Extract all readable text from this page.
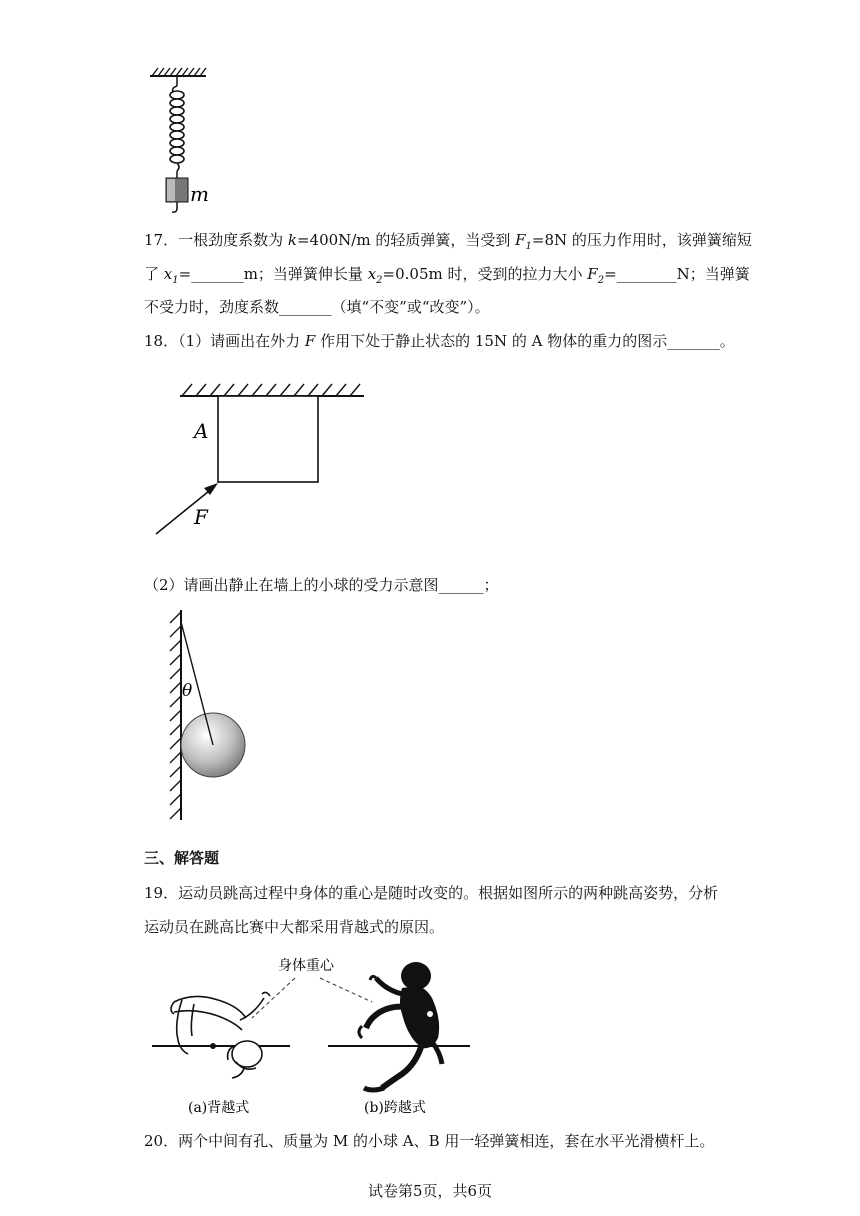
m
17．一根劲度系数为 k=400N/m 的轻质弹簧，当受到 $F_1=8N$ 的压力作用时，该弹簧缩短
了 $x_1=\_\_\_\_\_\_\_m$；当弹簧伸长量 $x_2=0.05m$ 时，受到的拉力大小 $F_2=\_\_\_\_\_\_\_\_N$；当弹簧
不受力时，劲度系数_______（填“不变”或“改变”）。
18．（1）请画出在外力 F 作用下处于静止状态的 15N 的 A 物体的重力的图示_______。
A
F
（2）请画出静止在墙上的小球的受力示意图______；
θ
三、解答题
19．运动员跳高过程中身体的重心是随时改变的。根据如图所示的两种跳高姿势，分析
运动员在跳高比赛中大都采用背越式的原因。
身体重心
(a)背越式	(b)跨越式
20．两个中间有孔、质量为 M 的小球 A、B 用一轻弹簧相连，套在水平光滑横杆上。
试卷第5页，共6页
